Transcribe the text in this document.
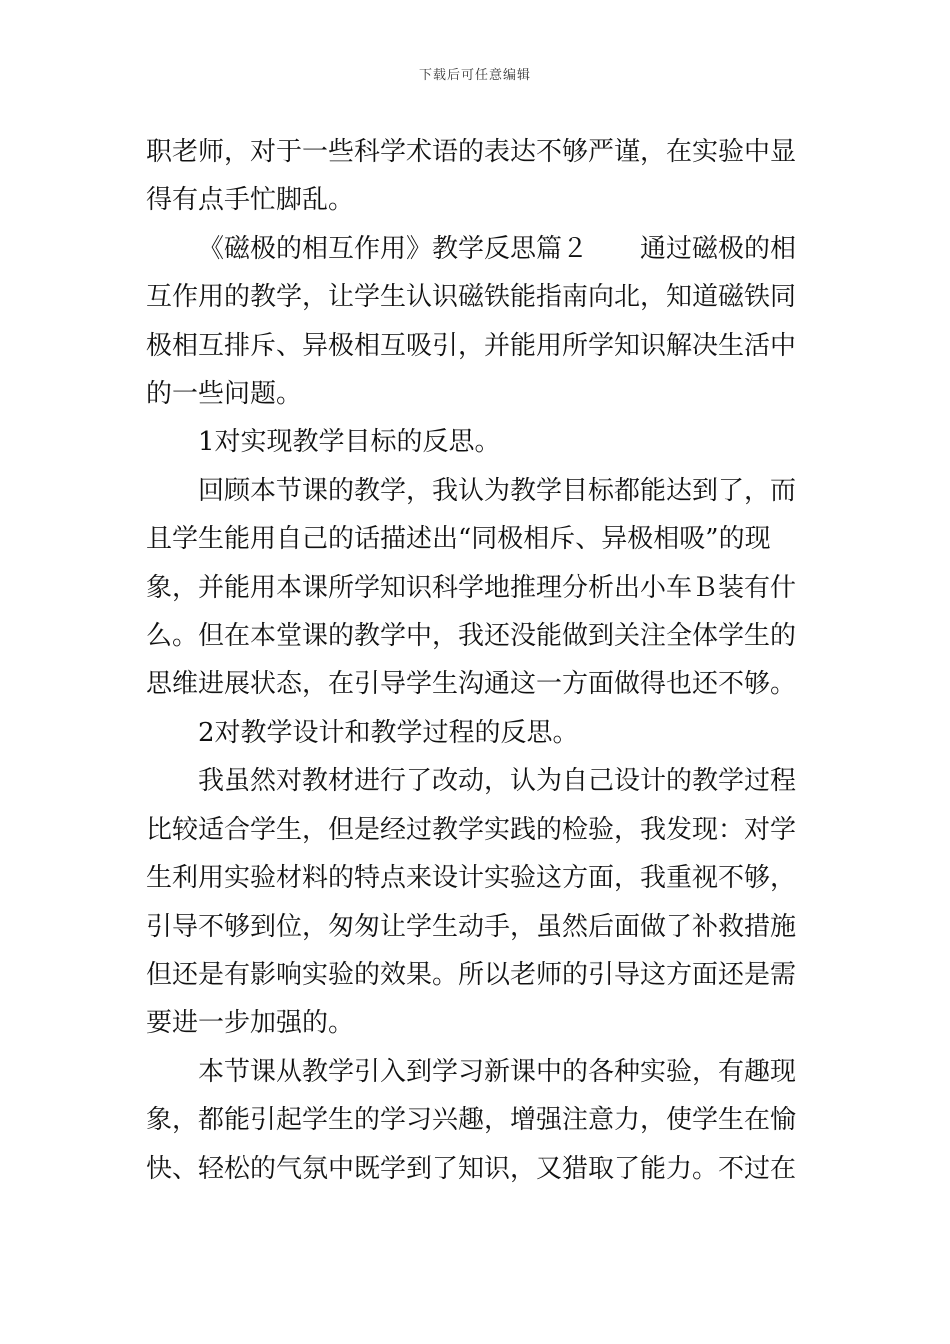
下载后可任意编辑

职老师，对于一些科学术语的表达不够严谨，在实验中显得有点手忙脚乱。

《磁极的相互作用》教学反思篇２　　通过磁极的相互作用的教学，让学生认识磁铁能指南向北，知道磁铁同极相互排斥、异极相互吸引，并能用所学知识解决生活中的一些问题。

1对实现教学目标的反思。

回顾本节课的教学，我认为教学目标都能达到了，而且学生能用自己的话描述出“同极相斥、异极相吸”的现象，并能用本课所学知识科学地推理分析出小车Ｂ装有什么。但在本堂课的教学中，我还没能做到关注全体学生的思维进展状态，在引导学生沟通这一方面做得也还不够。

2对教学设计和教学过程的反思。

我虽然对教材进行了改动，认为自己设计的教学过程比较适合学生，但是经过教学实践的检验，我发现：对学生利用实验材料的特点来设计实验这方面，我重视不够，引导不够到位，匆匆让学生动手，虽然后面做了补救措施但还是有影响实验的效果。所以老师的引导这方面还是需要进一步加强的。

本节课从教学引入到学习新课中的各种实验，有趣现象，都能引起学生的学习兴趣，增强注意力，使学生在愉快、轻松的气氛中既学到了知识，又猎取了能力。不过在
